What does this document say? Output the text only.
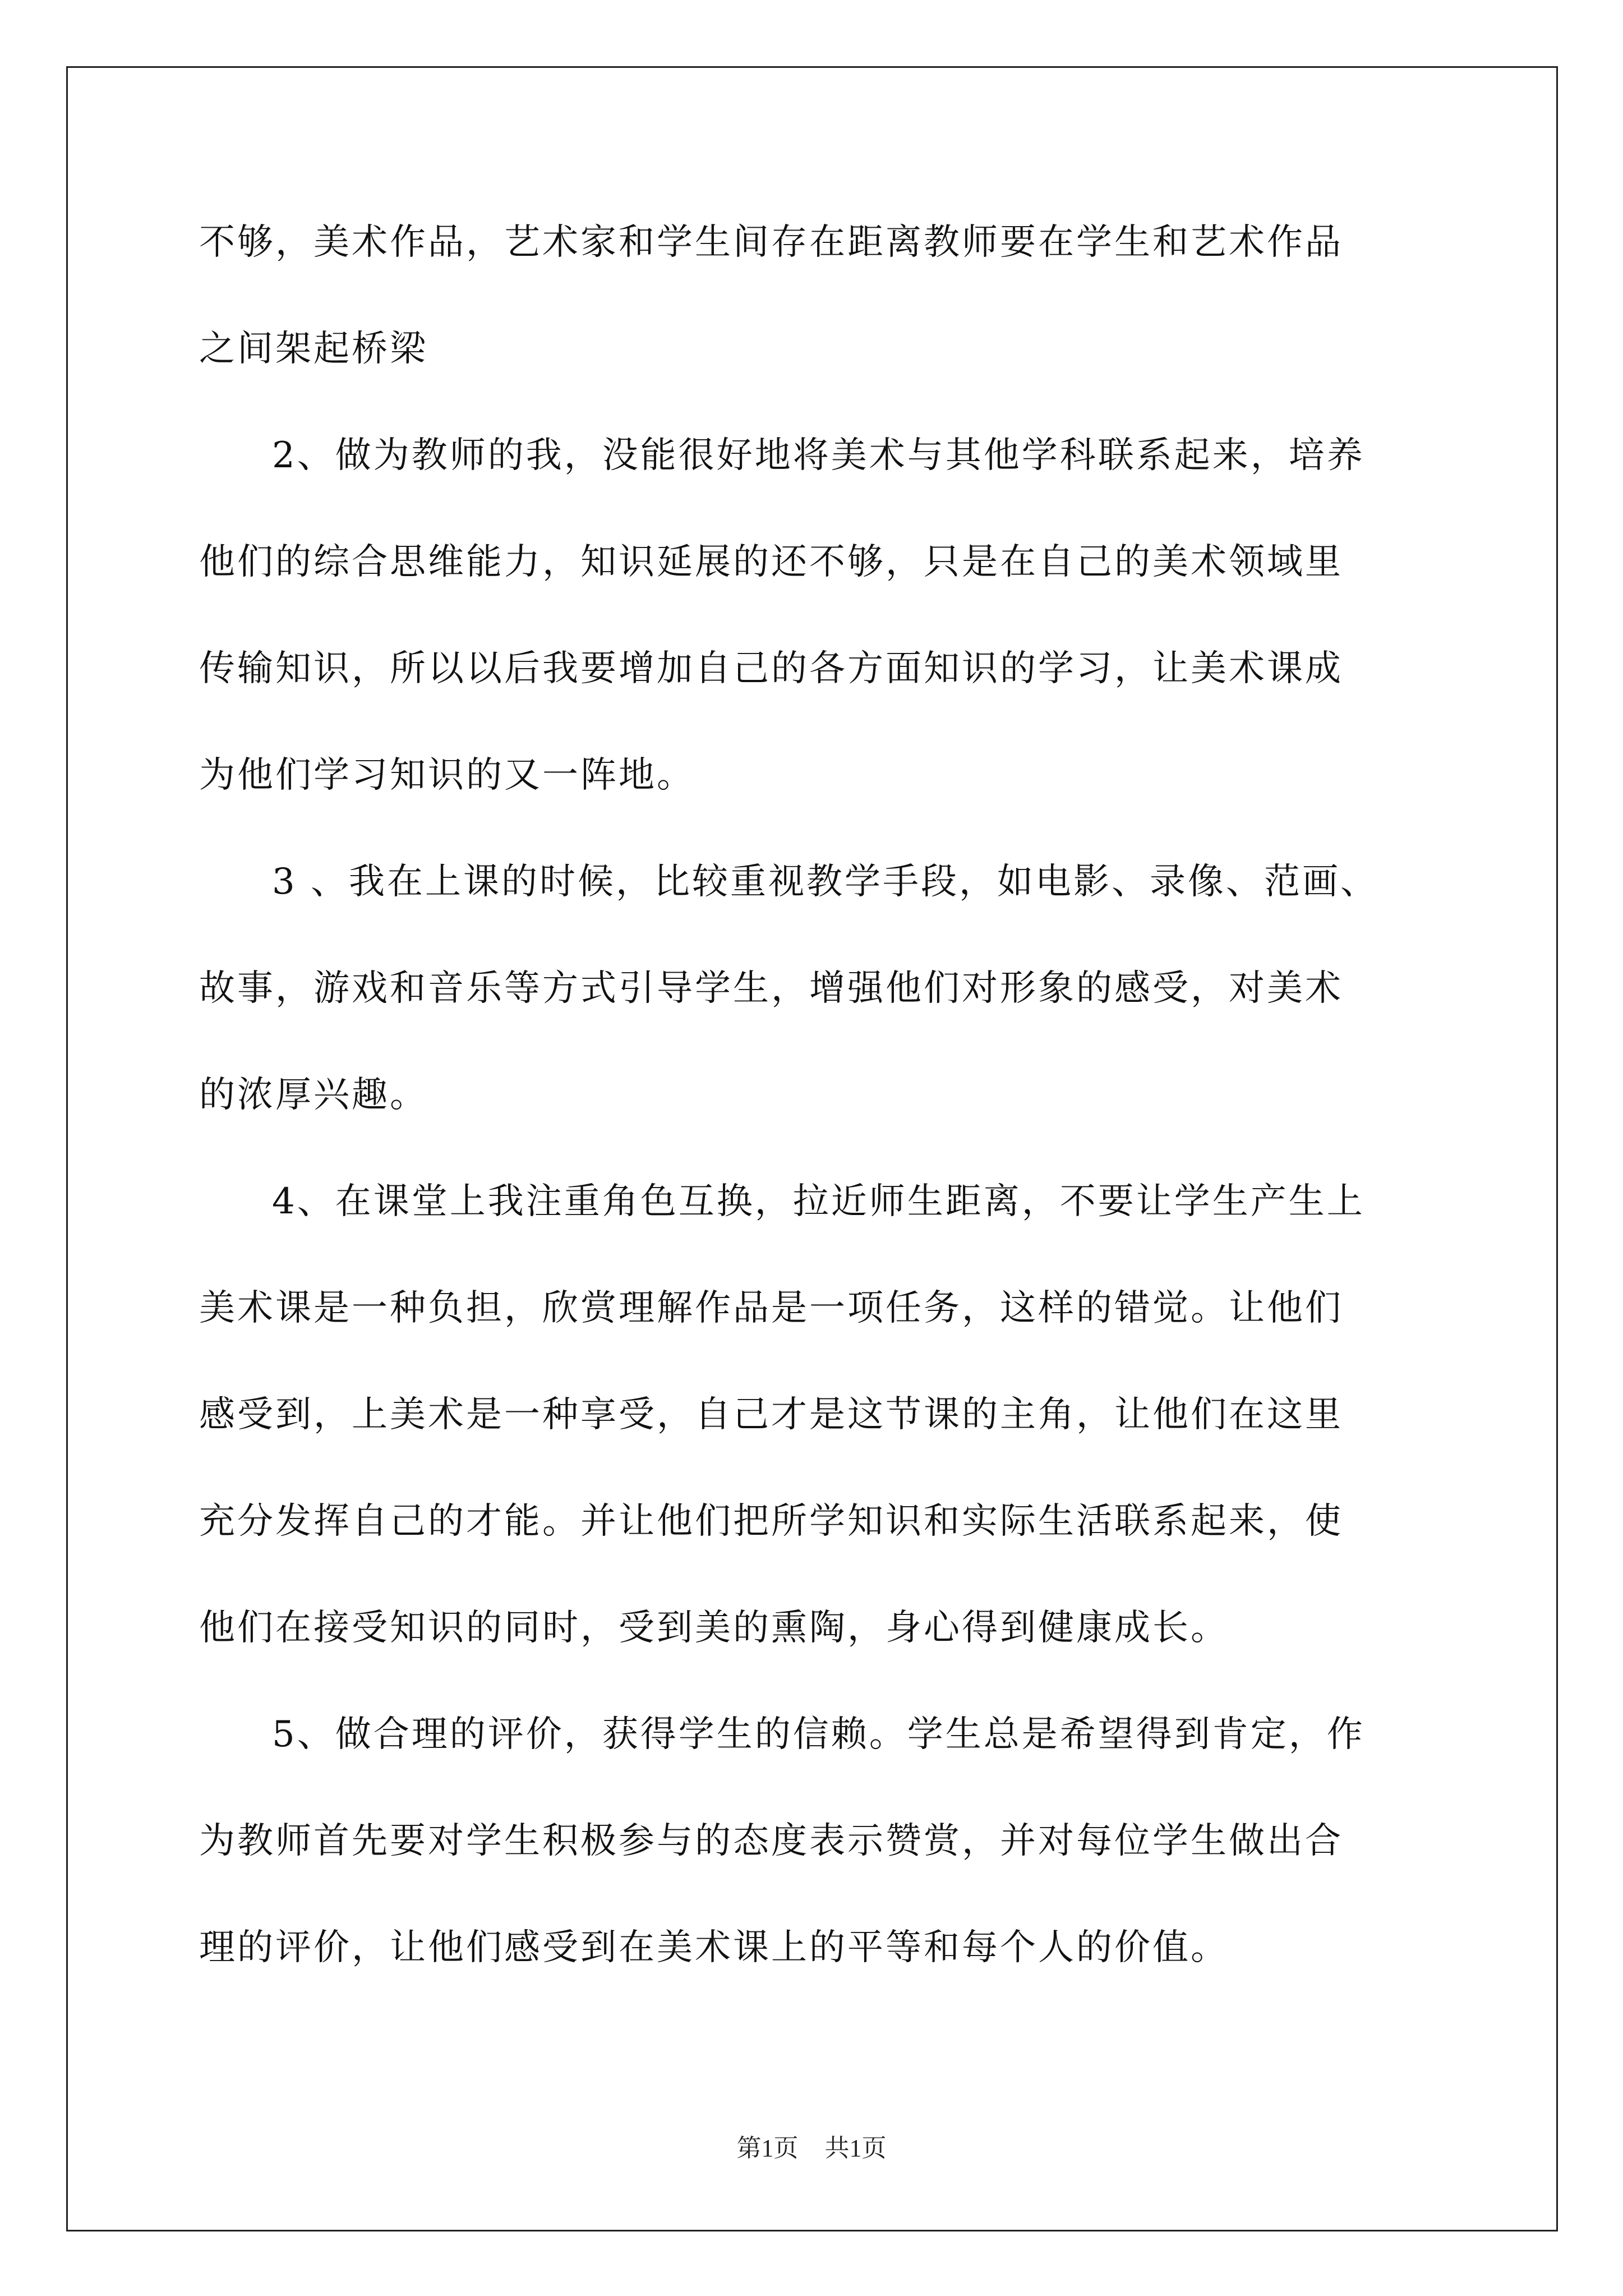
不够，美术作品，艺术家和学生间存在距离教师要在学生和艺术作品

之间架起桥梁

2、做为教师的我，没能很好地将美术与其他学科联系起来，培养

他们的综合思维能力，知识延展的还不够，只是在自己的美术领域里

传输知识，所以以后我要增加自己的各方面知识的学习，让美术课成

为他们学习知识的又一阵地。

3 、我在上课的时候，比较重视教学手段，如电影、录像、范画、

故事，游戏和音乐等方式引导学生，增强他们对形象的感受，对美术

的浓厚兴趣。

4、在课堂上我注重角色互换，拉近师生距离，不要让学生产生上

美术课是一种负担，欣赏理解作品是一项任务，这样的错觉。让他们

感受到，上美术是一种享受，自己才是这节课的主角，让他们在这里

充分发挥自己的才能。并让他们把所学知识和实际生活联系起来，使

他们在接受知识的同时，受到美的熏陶，身心得到健康成长。

5、做合理的评价，获得学生的信赖。学生总是希望得到肯定，作

为教师首先要对学生积极参与的态度表示赞赏，并对每位学生做出合

理的评价，让他们感受到在美术课上的平等和每个人的价值。

第1页 共1页
